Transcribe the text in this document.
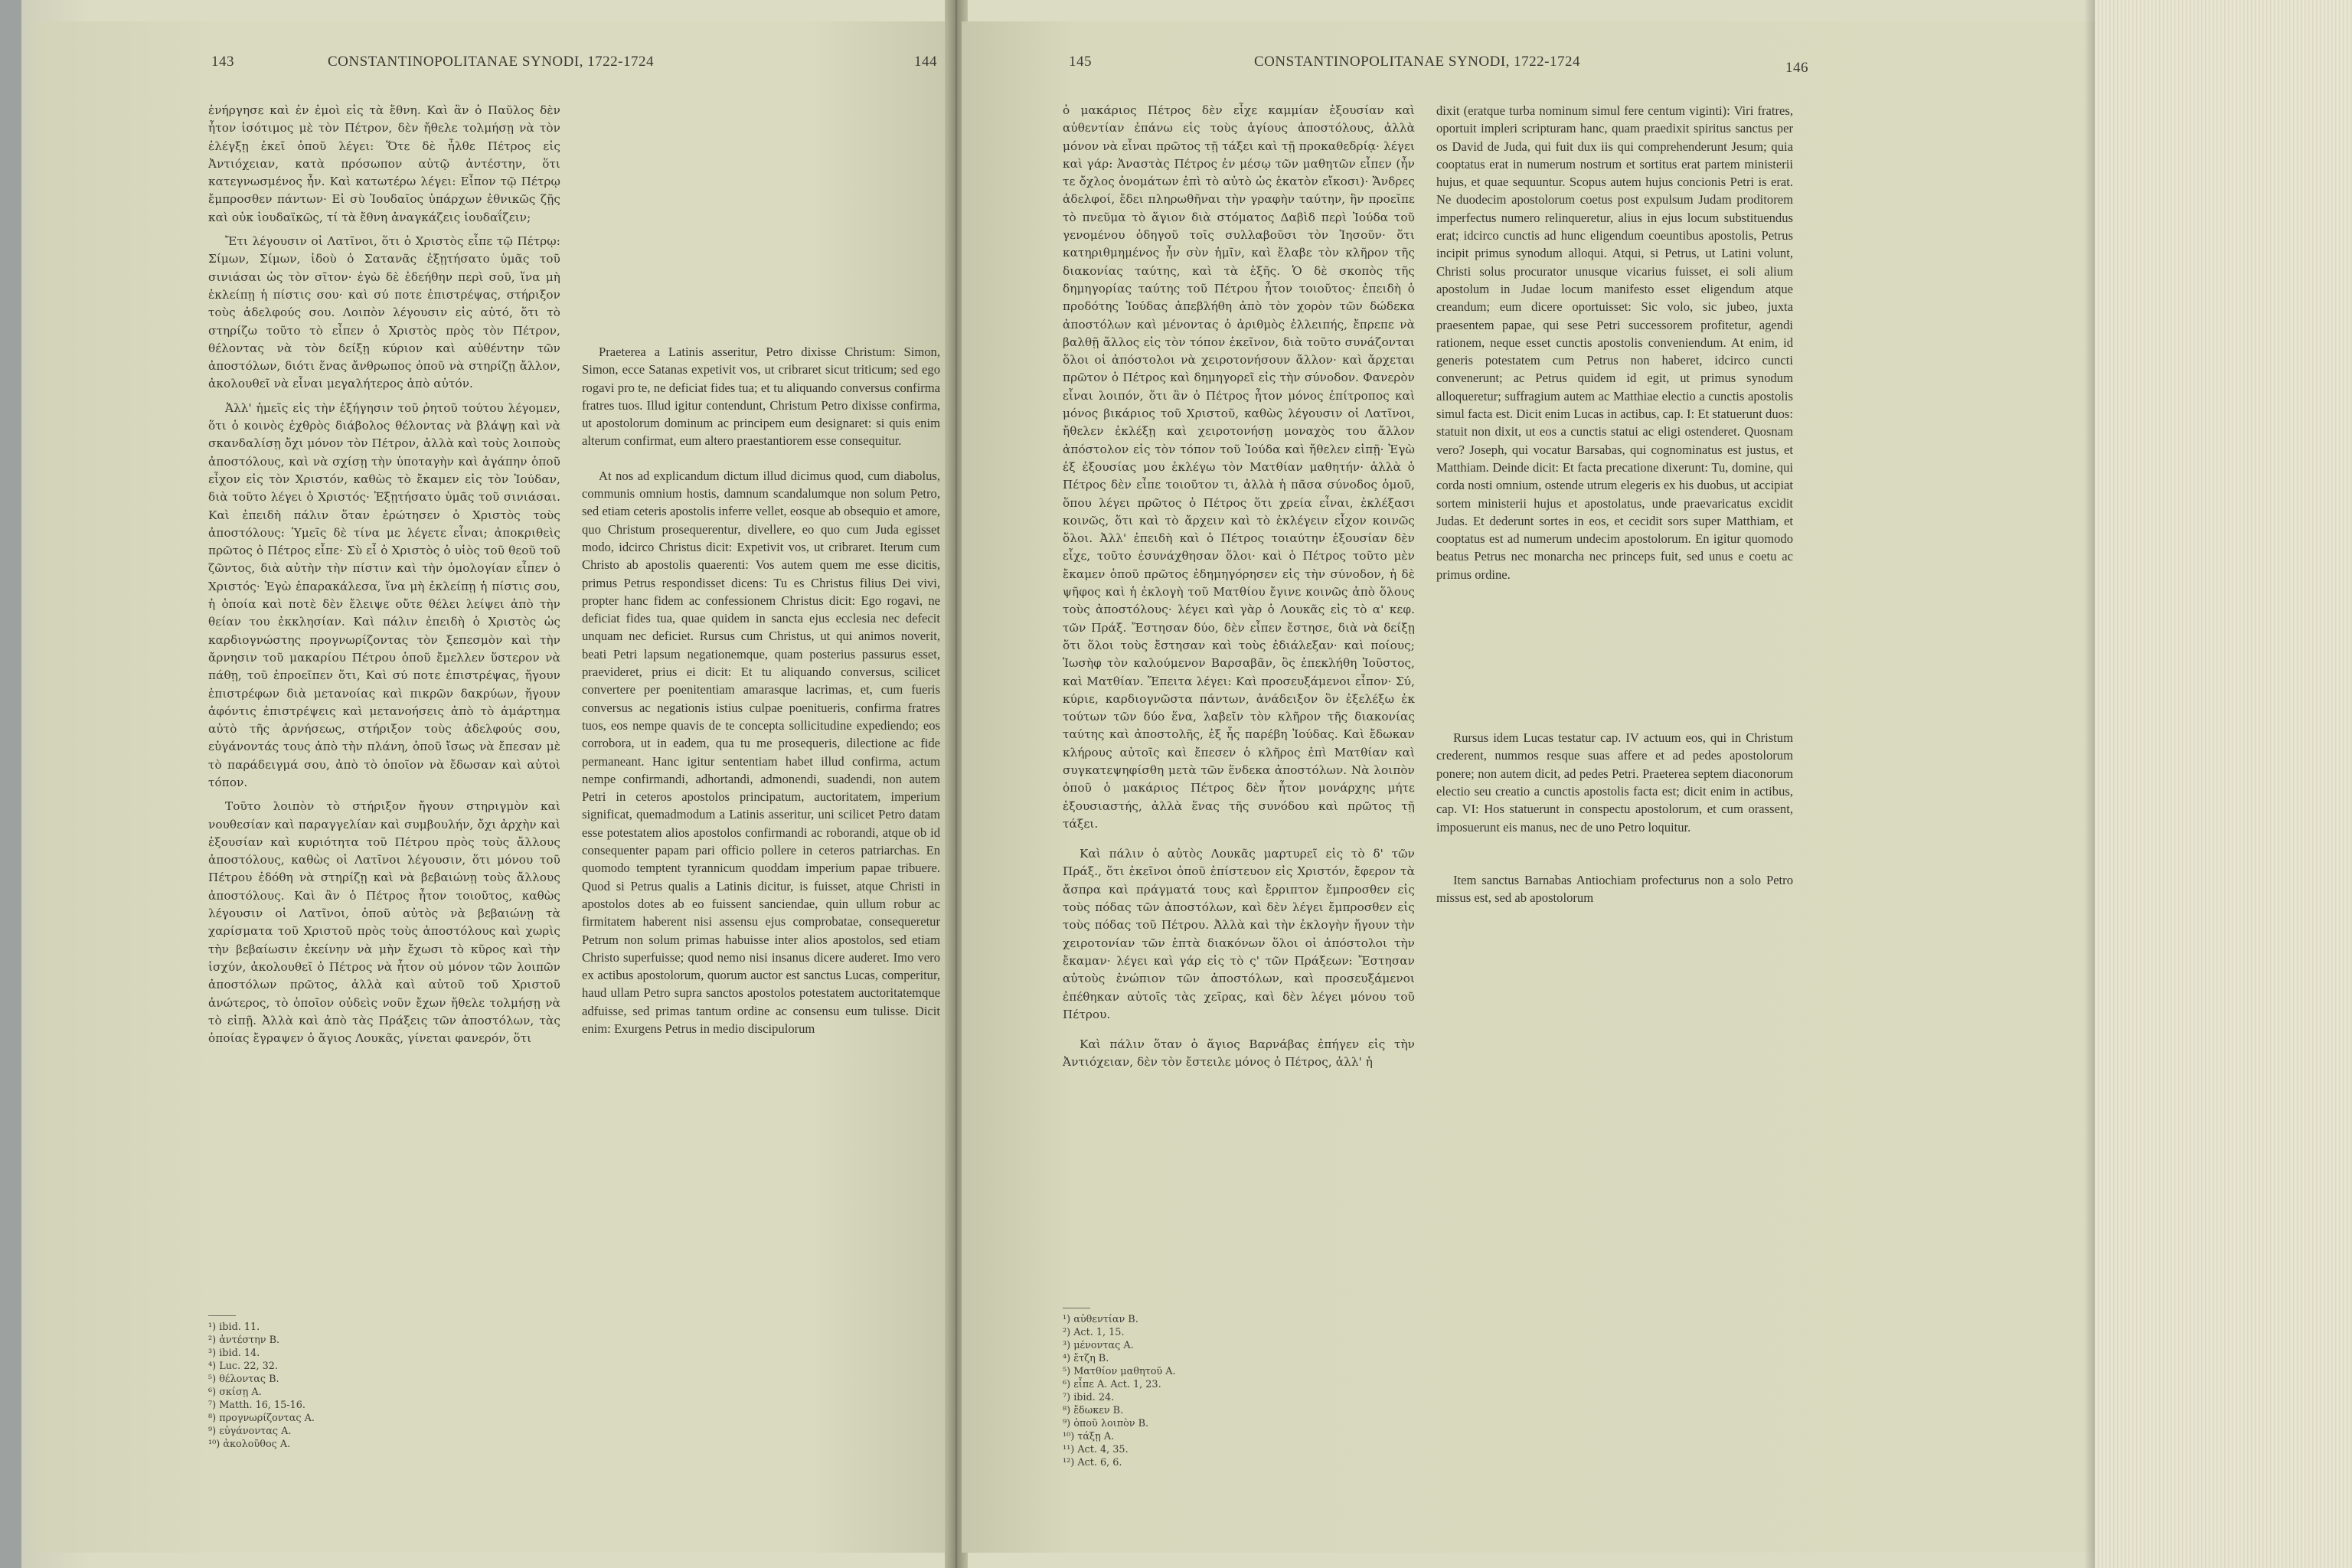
143	CONSTANTINOPOLITANAE SYNODI, 1722-1724	144

ἐνήργησε καὶ ἐν ἐμοὶ εἰς τὰ ἔθνη. Καὶ ἂν ὁ Παῦλος δὲν ἦτον ἰσότιμος μὲ τὸν Πέτρον, δὲν ἤθελε τολμήσῃ νὰ τὸν ἐλέγξῃ ἐκεῖ ὁποῦ λέγει: Ὅτε δὲ ἦλθε Πέτρος εἰς Ἀντιόχειαν, κατὰ πρόσωπον αὐτῷ ἀντέστην, ὅτι κατεγνωσμένος ἦν. Καὶ κατωτέρω λέγει: Εἶπον τῷ Πέτρῳ ἔμπροσθεν πάντων· Εἰ σὺ Ἰουδαῖος ὑπάρχων ἐθνικῶς ζῇς καὶ οὐκ ἰουδαϊκῶς, τί τὰ ἔθνη ἀναγκάζεις ἰουδαΐζειν;

Ἔτι λέγουσιν οἱ Λατῖνοι, ὅτι ὁ Χριστὸς εἶπε τῷ Πέτρῳ: Σίμων, Σίμων, ἰδοὺ ὁ Σατανᾶς ἐξῃτήσατο ὑμᾶς τοῦ σινιάσαι ὡς τὸν σῖτον· ἐγὼ δὲ ἐδεήθην περὶ σοῦ, ἵνα μὴ ἐκλείπῃ ἡ πίστις σου· καὶ σύ ποτε ἐπιστρέψας, στήριξον τοὺς ἀδελφούς σου. Λοιπὸν λέγουσιν εἰς αὐτό, ὅτι τὸ στηρίζω τοῦτο τὸ εἶπεν ὁ Χριστὸς πρὸς τὸν Πέτρον, θέλοντας νὰ τὸν δείξῃ κύριον καὶ αὐθέντην τῶν ἀποστόλων, διότι ἕνας ἄνθρωπος ὁποῦ νὰ στηρίζῃ ἄλλον, ἀκολουθεῖ νὰ εἶναι μεγαλήτερος ἀπὸ αὐτόν.

Ἀλλ' ἡμεῖς εἰς τὴν ἐξήγησιν τοῦ ῥητοῦ τούτου λέγομεν, ὅτι ὁ κοινὸς ἐχθρὸς διάβολος θέλοντας νὰ βλάψῃ καὶ νὰ σκανδαλίσῃ ὄχι μόνον τὸν Πέτρον, ἀλλὰ καὶ τοὺς λοιποὺς ἀποστόλους, καὶ νὰ σχίσῃ τὴν ὑποταγὴν καὶ ἀγάπην ὁποῦ εἶχον εἰς τὸν Χριστόν, καθὼς τὸ ἔκαμεν εἰς τὸν Ἰούδαν, διὰ τοῦτο λέγει ὁ Χριστός· Ἐξῃτήσατο ὑμᾶς τοῦ σινιάσαι. Καὶ ἐπειδὴ πάλιν ὅταν ἐρώτησεν ὁ Χριστὸς τοὺς ἀποστόλους: Ὑμεῖς δὲ τίνα με λέγετε εἶναι; ἀποκριθεὶς πρῶτος ὁ Πέτρος εἶπε· Σὺ εἶ ὁ Χριστὸς ὁ υἱὸς τοῦ θεοῦ τοῦ ζῶντος, διὰ αὐτὴν τὴν πίστιν καὶ τὴν ὁμολογίαν εἶπεν ὁ Χριστός· Ἐγὼ ἐπαρακάλεσα, ἵνα μὴ ἐκλείπῃ ἡ πίστις σου, ἡ ὁποία καὶ ποτὲ δὲν ἔλειψε οὔτε θέλει λείψει ἀπὸ τὴν θείαν του ἐκκλησίαν. Καὶ πάλιν ἐπειδὴ ὁ Χριστὸς ὡς καρδιογνώστης προγνωρίζοντας τὸν ξεπεσμὸν καὶ τὴν ἄρνησιν τοῦ μακαρίου Πέτρου ὁποῦ ἔμελλεν ὕστερον νὰ πάθῃ, τοῦ ἐπροεῖπεν ὅτι, Καὶ σύ ποτε ἐπιστρέψας, ἤγουν ἐπιστρέφων διὰ μετανοίας καὶ πικρῶν δακρύων, ἤγουν ἀφόντις ἐπιστρέψεις καὶ μετανοήσεις ἀπὸ τὸ ἁμάρτημα αὐτὸ τῆς ἀρνήσεως, στήριξον τοὺς ἀδελφούς σου, εὐγάνοντάς τους ἀπὸ τὴν πλάνη, ὁποῦ ἴσως νὰ ἔπεσαν μὲ τὸ παράδειγμά σου, ἀπὸ τὸ ὁποῖον νὰ ἔδωσαν καὶ αὐτοὶ τόπον.

Τοῦτο λοιπὸν τὸ στήριξον ἤγουν στηριγμὸν καὶ νουθεσίαν καὶ παραγγελίαν καὶ συμβουλήν, ὄχι ἀρχὴν καὶ ἐξουσίαν καὶ κυριότητα τοῦ Πέτρου πρὸς τοὺς ἄλλους ἀποστόλους, καθὼς οἱ Λατῖνοι λέγουσιν, ὅτι μόνου τοῦ Πέτρου ἐδόθη νὰ στηρίζῃ καὶ νὰ βεβαιώνῃ τοὺς ἄλλους ἀποστόλους. Καὶ ἂν ὁ Πέτρος ἦτον τοιοῦτος, καθὼς λέγουσιν οἱ Λατῖνοι, ὁποῦ αὐτὸς νὰ βεβαιώνῃ τὰ χαρίσματα τοῦ Χριστοῦ πρὸς τοὺς ἀποστόλους καὶ χωρὶς τὴν βεβαίωσιν ἐκείνην νὰ μὴν ἔχωσι τὸ κῦρος καὶ τὴν ἰσχύν, ἀκολουθεῖ ὁ Πέτρος νὰ ἦτον οὐ μόνον τῶν λοιπῶν ἀποστόλων πρῶτος, ἀλλὰ καὶ αὐτοῦ τοῦ Χριστοῦ ἀνώτερος, τὸ ὁποῖον οὐδεὶς νοῦν ἔχων ἤθελε τολμήσῃ νὰ τὸ εἰπῇ. Ἀλλὰ καὶ ἀπὸ τὰς Πράξεις τῶν ἀποστόλων, τὰς ὁποίας ἔγραψεν ὁ ἅγιος Λουκᾶς, γίνεται φανερόν, ὅτι

Praeterea a Latinis asseritur, Petro dixisse Christum: Simon, Simon, ecce Satanas expetivit vos, ut cribraret sicut triticum; sed ego rogavi pro te, ne deficiat fides tua; et tu aliquando conversus confirma fratres tuos. Illud igitur contendunt, Christum Petro dixisse confirma, ut apostolorum dominum ac principem eum designaret: si quis enim alterum confirmat, eum altero praestantiorem esse consequitur.

At nos ad explicandum dictum illud dicimus quod, cum diabolus, communis omnium hostis, damnum scandalumque non solum Petro, sed etiam ceteris apostolis inferre vellet, eosque ab obsequio et amore, quo Christum prosequerentur, divellere, eo quo cum Juda egisset modo, idcirco Christus dicit: Expetivit vos, ut cribraret. Iterum cum Christo ab apostolis quaerenti: Vos autem quem me esse dicitis, primus Petrus respondisset dicens: Tu es Christus filius Dei vivi, propter hanc fidem ac confessionem Christus dicit: Ego rogavi, ne deficiat fides tua, quae quidem in sancta ejus ecclesia nec defecit unquam nec deficiet. Rursus cum Christus, ut qui animos noverit, beati Petri lapsum negationemque, quam posterius passurus esset, praevideret, prius ei dicit: Et tu aliquando conversus, scilicet convertere per poenitentiam amarasque lacrimas, et, cum fueris conversus ac negationis istius culpae poenitueris, confirma fratres tuos, eos nempe quavis de te concepta sollicitudine expediendo; eos corrobora, ut in eadem, qua tu me prosequeris, dilectione ac fide permaneant. Hanc igitur sententiam habet illud confirma, actum nempe confirmandi, adhortandi, admonendi, suadendi, non autem Petri in ceteros apostolos principatum, auctoritatem, imperium significat, quemadmodum a Latinis asseritur, uni scilicet Petro datam esse potestatem alios apostolos confirmandi ac roborandi, atque ob id consequenter papam pari officio pollere in ceteros patriarchas. En quomodo temptent tyrannicum quoddam imperium papae tribuere. Quod si Petrus qualis a Latinis dicitur, is fuisset, atque Christi in apostolos dotes ab eo fuissent sanciendae, quin ullum robur ac firmitatem haberent nisi assensu ejus comprobatae, consequeretur Petrum non solum primas habuisse inter alios apostolos, sed etiam Christo superfuisse; quod nemo nisi insanus dicere auderet. Imo vero ex actibus apostolorum, quorum auctor est sanctus Lucas, comperitur, haud ullam Petro supra sanctos apostolos potestatem auctoritatemque adfuisse, sed primas tantum ordine ac consensu eum tulisse. Dicit enim: Exurgens Petrus in medio discipulorum

¹) ibid. 11.
²) ἀντέστην B.
³) ibid. 14.
⁴) Luc. 22, 32.
⁵) θέλοντας B.
⁶) σκίσῃ A.
⁷) Matth. 16, 15-16.
⁸) προγνωρίζοντας A.
⁹) εὐγάνοντας A.
¹⁰) ἀκολοῦθος A.
145	CONSTANTINOPOLITANAE SYNODI, 1722-1724	146

ὁ μακάριος Πέτρος δὲν εἶχε καμμίαν ἐξουσίαν καὶ αὐθεντίαν ἐπάνω εἰς τοὺς ἁγίους ἀποστόλους, ἀλλὰ μόνον νὰ εἶναι πρῶτος τῇ τάξει καὶ τῇ προκαθεδρίᾳ· λέγει καὶ γάρ: Ἀναστὰς Πέτρος ἐν μέσῳ τῶν μαθητῶν εἶπεν (ἦν τε ὄχλος ὀνομάτων ἐπὶ τὸ αὐτὸ ὡς ἑκατὸν εἴκοσι)· Ἄνδρες ἀδελφοί, ἔδει πληρωθῆναι τὴν γραφὴν ταύτην, ἣν προεῖπε τὸ πνεῦμα τὸ ἅγιον διὰ στόματος Δαβὶδ περὶ Ἰούδα τοῦ γενομένου ὁδηγοῦ τοῖς συλλαβοῦσι τὸν Ἰησοῦν· ὅτι κατηριθμημένος ἦν σὺν ἡμῖν, καὶ ἔλαβε τὸν κλῆρον τῆς διακονίας ταύτης, καὶ τὰ ἑξῆς. Ὁ δὲ σκοπὸς τῆς δημηγορίας ταύτης τοῦ Πέτρου ἦτον τοιοῦτος· ἐπειδὴ ὁ προδότης Ἰούδας ἀπεβλήθη ἀπὸ τὸν χορὸν τῶν δώδεκα ἀποστόλων καὶ μένοντας ὁ ἀριθμὸς ἐλλειπής, ἔπρεπε νὰ βαλθῇ ἄλλος εἰς τὸν τόπον ἐκεῖνον, διὰ τοῦτο συνάζονται ὅλοι οἱ ἀπόστολοι νὰ χειροτονήσουν ἄλλον· καὶ ἄρχεται πρῶτον ὁ Πέτρος καὶ δημηγορεῖ εἰς τὴν σύνοδον. Φανερὸν εἶναι λοιπόν, ὅτι ἂν ὁ Πέτρος ἦτον μόνος ἐπίτροπος καὶ μόνος βικάριος τοῦ Χριστοῦ, καθὼς λέγουσιν οἱ Λατῖνοι, ἤθελεν ἐκλέξῃ καὶ χειροτονήσῃ μοναχὸς του ἄλλον ἀπόστολον εἰς τὸν τόπον τοῦ Ἰούδα καὶ ἤθελεν εἰπῇ· Ἐγὼ ἐξ ἐξουσίας μου ἐκλέγω τὸν Ματθίαν μαθητήν· ἀλλὰ ὁ Πέτρος δὲν εἶπε τοιοῦτον τι, ἀλλὰ ἡ πᾶσα σύνοδος ὁμοῦ, ὅπου λέγει πρῶτος ὁ Πέτρος ὅτι χρεία εἶναι, ἐκλέξασι κοινῶς, ὅτι καὶ τὸ ἄρχειν καὶ τὸ ἐκλέγειν εἶχον κοινῶς ὅλοι. Ἀλλ' ἐπειδὴ καὶ ὁ Πέτρος τοιαύτην ἐξουσίαν δὲν εἶχε, τοῦτο ἐσυνάχθησαν ὅλοι· καὶ ὁ Πέτρος τοῦτο μὲν ἔκαμεν ὁποῦ πρῶτος ἐδημηγόρησεν εἰς τὴν σύνοδον, ἡ δὲ ψῆφος καὶ ἡ ἐκλογὴ τοῦ Ματθίου ἔγινε κοινῶς ἀπὸ ὅλους τοὺς ἀποστόλους· λέγει καὶ γὰρ ὁ Λουκᾶς εἰς τὸ α' κεφ. τῶν Πράξ. Ἔστησαν δύο, δὲν εἶπεν ἔστησε, διὰ νὰ δείξῃ ὅτι ὅλοι τοὺς ἔστησαν καὶ τοὺς ἐδιάλεξαν· καὶ ποίους; Ἰωσὴφ τὸν καλούμενον Βαρσαβᾶν, ὃς ἐπεκλήθη Ἰοῦστος, καὶ Ματθίαν. Ἔπειτα λέγει: Καὶ προσευξάμενοι εἶπον· Σύ, κύριε, καρδιογνῶστα πάντων, ἀνάδειξον ὃν ἐξελέξω ἐκ τούτων τῶν δύο ἕνα, λαβεῖν τὸν κλῆρον τῆς διακονίας ταύτης καὶ ἀποστολῆς, ἐξ ἧς παρέβη Ἰούδας. Καὶ ἔδωκαν κλήρους αὐτοῖς καὶ ἔπεσεν ὁ κλῆρος ἐπὶ Ματθίαν καὶ συγκατεψηφίσθη μετὰ τῶν ἕνδεκα ἀποστόλων. Νὰ λοιπὸν ὁποῦ ὁ μακάριος Πέτρος δὲν ἦτον μονάρχης μήτε ἐξουσιαστής, ἀλλὰ ἕνας τῆς συνόδου καὶ πρῶτος τῇ τάξει.

Καὶ πάλιν ὁ αὐτὸς Λουκᾶς μαρτυρεῖ εἰς τὸ δ' τῶν Πράξ., ὅτι ἐκεῖνοι ὁποῦ ἐπίστευον εἰς Χριστόν, ἔφερον τὰ ἄσπρα καὶ πράγματά τους καὶ ἔρριπτον ἔμπροσθεν εἰς τοὺς πόδας τῶν ἀποστόλων, καὶ δὲν λέγει ἔμπροσθεν εἰς τοὺς πόδας τοῦ Πέτρου. Ἀλλὰ καὶ τὴν ἐκλογὴν ἤγουν τὴν χειροτονίαν τῶν ἑπτὰ διακόνων ὅλοι οἱ ἀπόστολοι τὴν ἔκαμαν· λέγει καὶ γάρ εἰς τὸ ς' τῶν Πράξεων: Ἔστησαν αὐτοὺς ἐνώπιον τῶν ἀποστόλων, καὶ προσευξάμενοι ἐπέθηκαν αὐτοῖς τὰς χεῖρας, καὶ δὲν λέγει μόνου τοῦ Πέτρου.

Καὶ πάλιν ὅταν ὁ ἅγιος Βαρνάβας ἐπήγεν εἰς τὴν Ἀντιόχειαν, δὲν τὸν ἔστειλε μόνος ὁ Πέτρος, ἀλλ' ἡ

dixit (eratque turba nominum simul fere centum viginti): Viri fratres, oportuit impleri scripturam hanc, quam praedixit spiritus sanctus per os David de Juda, qui fuit dux iis qui comprehenderunt Jesum; quia cooptatus erat in numerum nostrum et sortitus erat partem ministerii hujus, et quae sequuntur. Scopus autem hujus concionis Petri is erat. Ne duodecim apostolorum coetus post expulsum Judam proditorem imperfectus numero relinqueretur, alius in ejus locum substituendus erat; idcirco cunctis ad hunc eligendum coeuntibus apostolis, Petrus incipit primus synodum alloqui. Atqui, si Petrus, ut Latini volunt, Christi solus procurator unusque vicarius fuisset, ei soli alium apostolum in Judae locum manifesto esset eligendum atque creandum; eum dicere oportuisset: Sic volo, sic jubeo, juxta praesentem papae, qui sese Petri successorem profitetur, agendi rationem, neque esset cunctis apostolis conveniendum. At enim, id generis potestatem cum Petrus non haberet, idcirco cuncti convenerunt; ac Petrus quidem id egit, ut primus synodum alloqueretur; suffragium autem ac Matthiae electio a cunctis apostolis simul facta est. Dicit enim Lucas in actibus, cap. I: Et statuerunt duos: statuit non dixit, ut eos a cunctis statui ac eligi ostenderet. Quosnam vero? Joseph, qui vocatur Barsabas, qui cognominatus est justus, et Matthiam. Deinde dicit: Et facta precatione dixerunt: Tu, domine, qui corda nosti omnium, ostende utrum elegeris ex his duobus, ut accipiat sortem ministerii hujus et apostolatus, unde praevaricatus excidit Judas. Et dederunt sortes in eos, et cecidit sors super Matthiam, et cooptatus est ad numerum undecim apostolorum. En igitur quomodo beatus Petrus nec monarcha nec princeps fuit, sed unus e coetu ac primus ordine.

Rursus idem Lucas testatur cap. IV actuum eos, qui in Christum crederent, nummos resque suas affere et ad pedes apostolorum ponere; non autem dicit, ad pedes Petri. Praeterea septem diaconorum electio seu creatio a cunctis apostolis facta est; dicit enim in actibus, cap. VI: Hos statuerunt in conspectu apostolorum, et cum orassent, imposuerunt eis manus, nec de uno Petro loquitur.

Item sanctus Barnabas Antiochiam profecturus non a solo Petro missus est, sed ab apostolorum

¹) αὐθεντίαν B.
²) Act. 1, 15.
³) μένοντας A.
⁴) ἔτζη B.
⁵) Ματθίον μαθητοῦ A.
⁶) εἶπε A. Act. 1, 23.
⁷) ibid. 24.
⁸) ἔδωκεν B.
⁹) ὁποῦ λοιπὸν B.
¹⁰) τάξῃ A.
¹¹) Act. 4, 35.
¹²) Act. 6, 6.
